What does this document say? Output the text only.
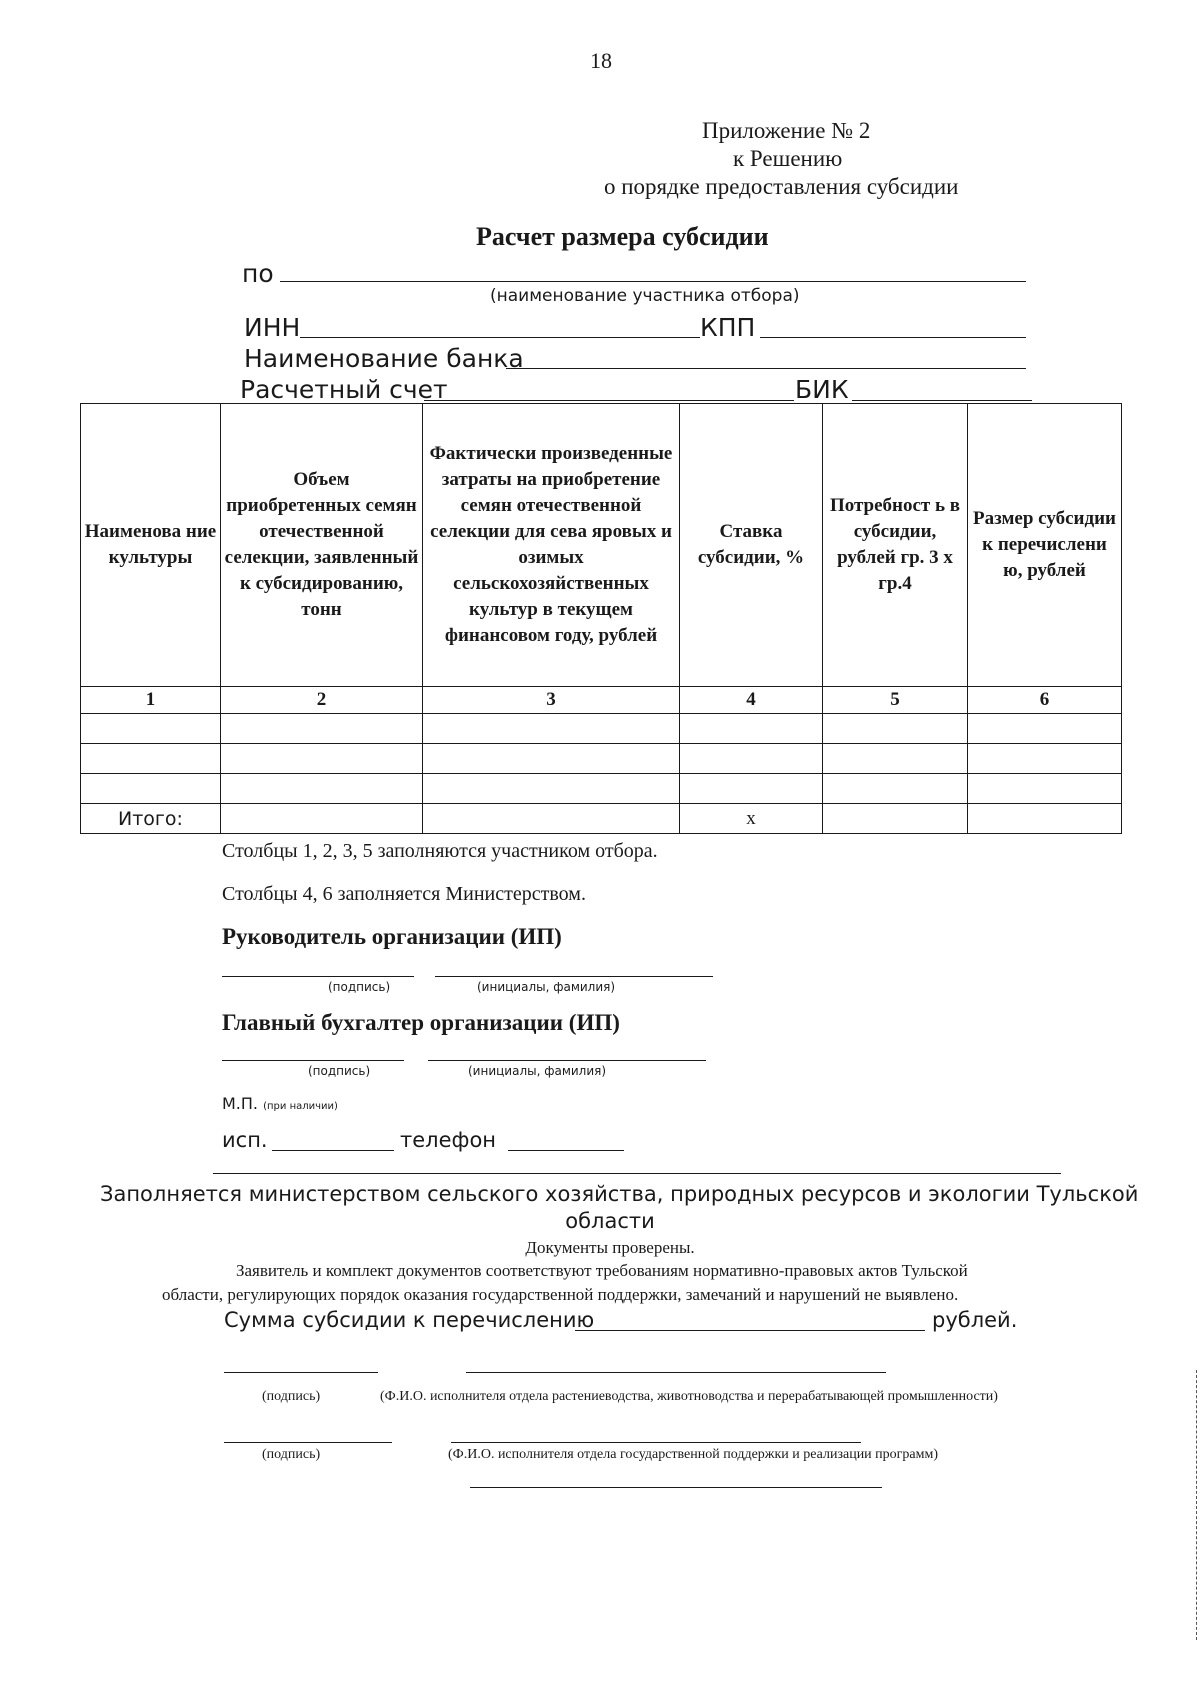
18
Приложение № 2
к Решению
о порядке предоставления субсидии
Расчет размера субсидии
по
(наименование участника отбора)
ИНН	КПП
Наименование банка
Расчетный счет	БИК
Наименова ние культуры	Объем приобретенных семян отечественной селекции, заявленный к субсидированию, тонн	Фактически произведенные затраты на приобретение семян отечественной селекции для сева яровых и озимых сельскохозяйственных культур в текущем финансовом году, рублей	Ставка субсидии, %	Потребност ь в субсидии, рублей гр. 3 х гр.4	Размер субсидии к перечислени ю, рублей
1	2	3	4	5	6

Итого:			х		
Столбцы 1, 2, 3, 5 заполняются участником отбора.
Столбцы 4, 6 заполняется Министерством.
Руководитель организации (ИП)
(подпись)	(инициалы, фамилия)
Главный бухгалтер организации (ИП)
(подпись)	(инициалы, фамилия)
М.П. (при наличии)
исп.	телефон
Заполняется министерством сельского хозяйства, природных ресурсов и экологии Тульской
области
Документы проверены.
Заявитель и комплект документов соответствуют требованиям нормативно-правовых актов Тульской
области, регулирующих порядок оказания государственной поддержки, замечаний и нарушений не выявлено.
Сумма субсидии к перечислению	рублей.
(подпись)	(Ф.И.О. исполнителя отдела растениеводства, животноводства и перерабатывающей промышленности)
(подпись)	(Ф.И.О. исполнителя отдела государственной поддержки и реализации программ)
